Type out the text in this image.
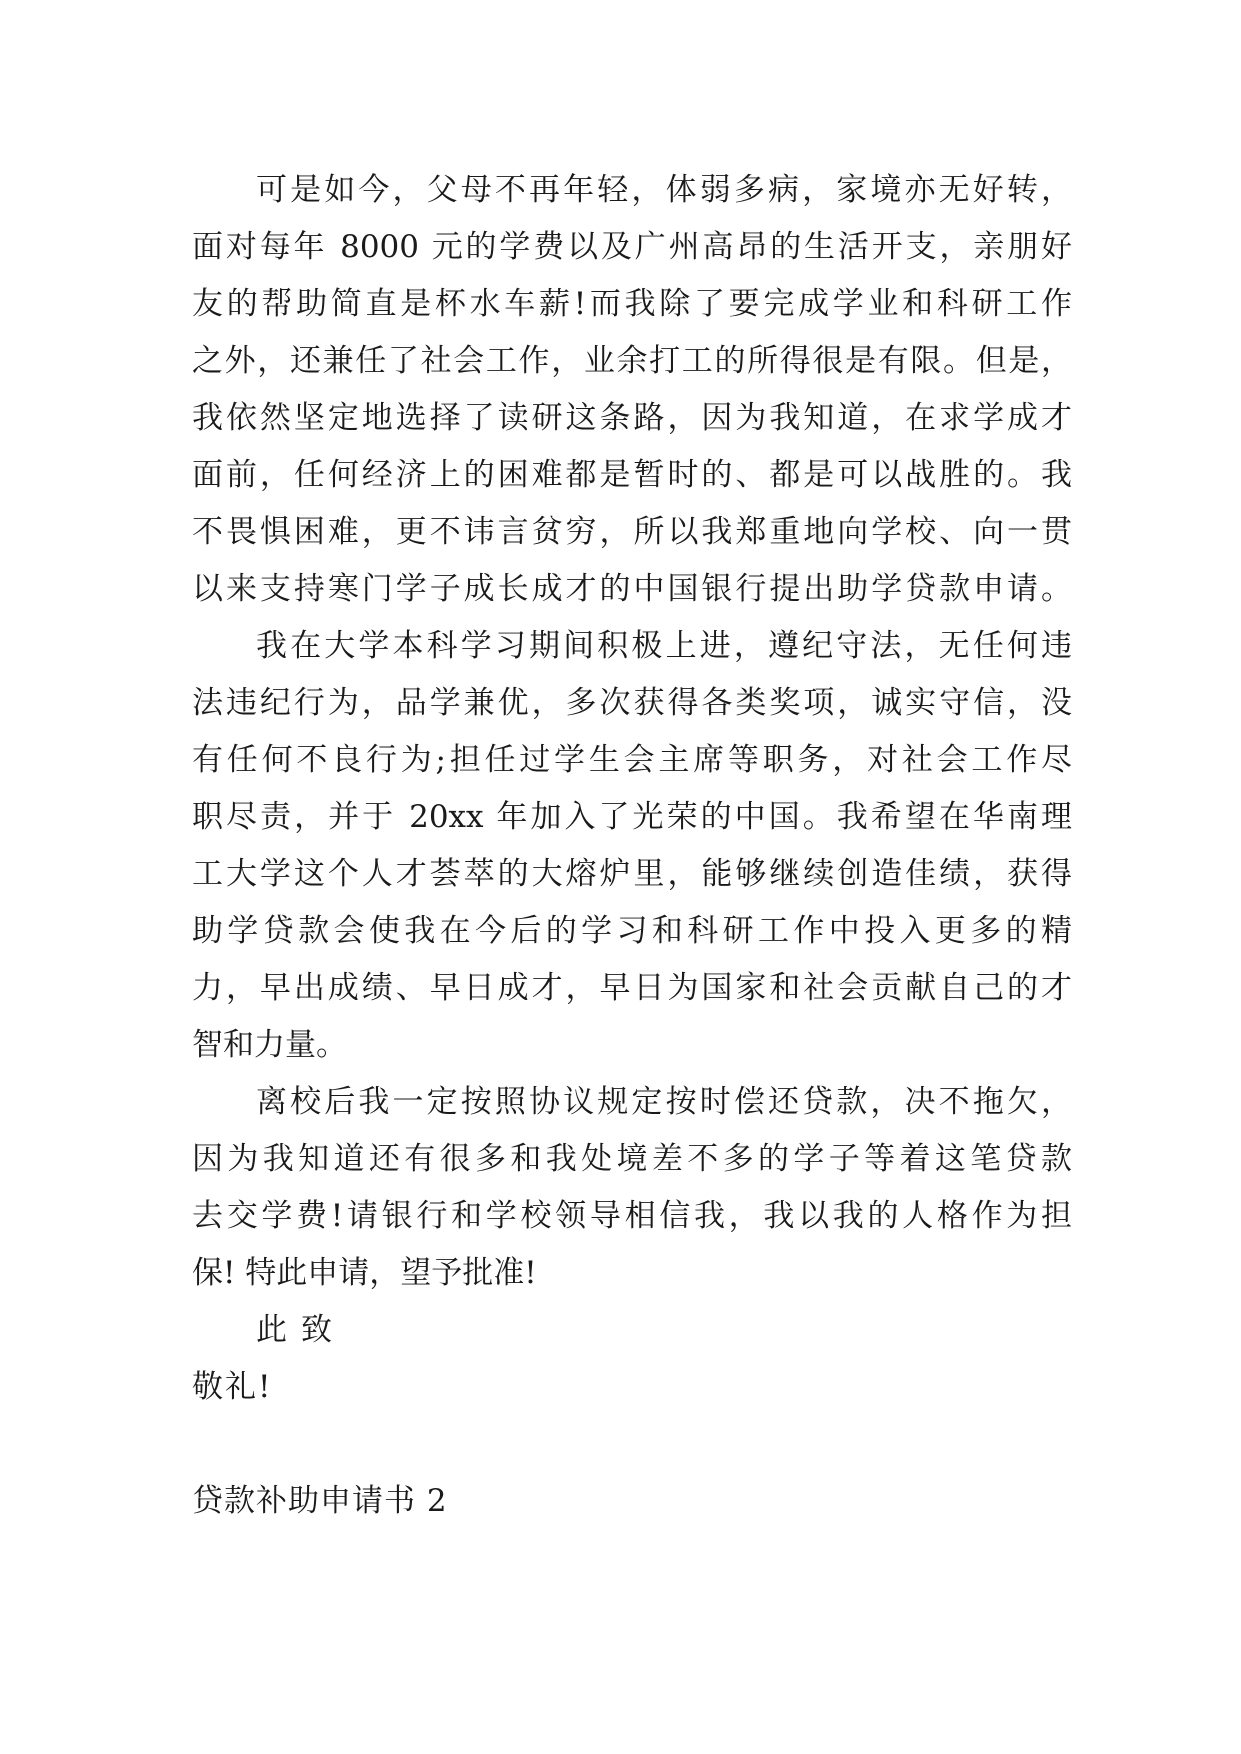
可是如今，父母不再年轻，体弱多病，家境亦无好转，
面对每年 8000 元的学费以及广州高昂的生活开支，亲朋好
友的帮助简直是杯水车薪!而我除了要完成学业和科研工作
之外，还兼任了社会工作，业余打工的所得很是有限。但是，
我依然坚定地选择了读研这条路，因为我知道，在求学成才
面前，任何经济上的困难都是暂时的、都是可以战胜的。我
不畏惧困难，更不讳言贫穷，所以我郑重地向学校、向一贯
以来支持寒门学子成长成才的中国银行提出助学贷款申请。
我在大学本科学习期间积极上进，遵纪守法，无任何违
法违纪行为，品学兼优，多次获得各类奖项，诚实守信，没
有任何不良行为;担任过学生会主席等职务，对社会工作尽
职尽责，并于 20xx 年加入了光荣的中国。我希望在华南理
工大学这个人才荟萃的大熔炉里，能够继续创造佳绩，获得
助学贷款会使我在今后的学习和科研工作中投入更多的精
力，早出成绩、早日成才，早日为国家和社会贡献自己的才
智和力量。
离校后我一定按照协议规定按时偿还贷款，决不拖欠，
因为我知道还有很多和我处境差不多的学子等着这笔贷款
去交学费!请银行和学校领导相信我，我以我的人格作为担
保! 特此申请，望予批准!
此致
敬礼!
贷款补助申请书 2
